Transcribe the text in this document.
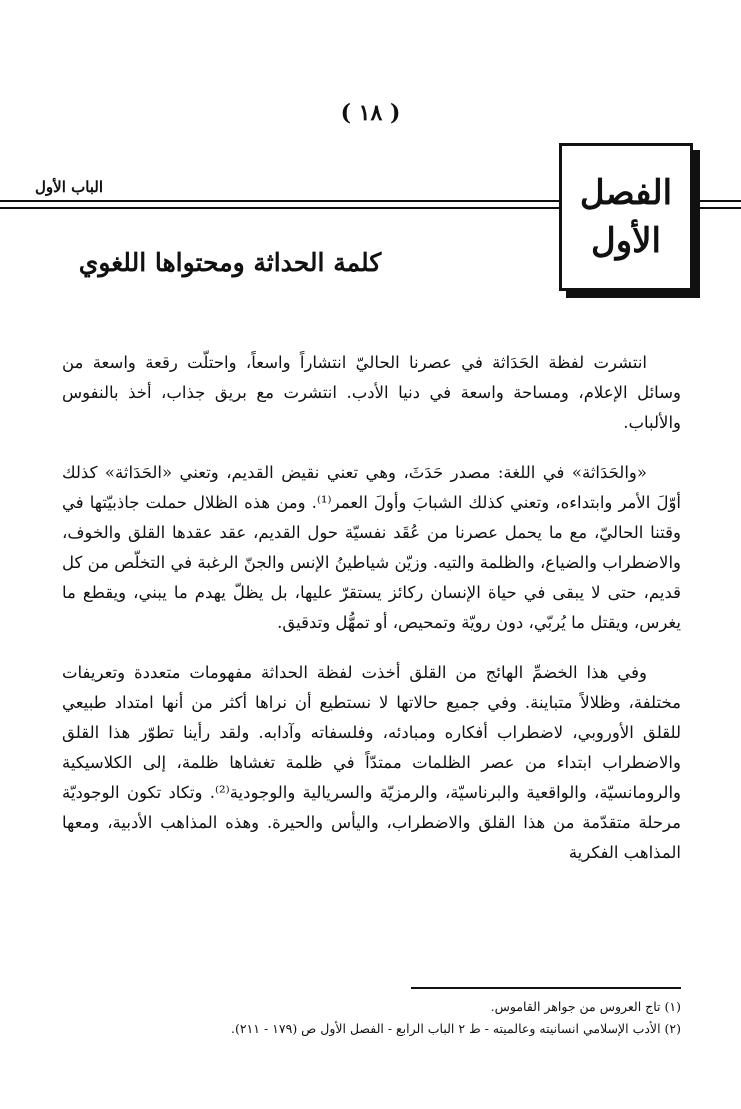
( ١٨ )
الباب الأول	الفصل
الأول
كلمة الحداثة ومحتواها اللغوي

انتشرت لفظة الحَدَاثة في عصرنا الحاليّ انتشاراً واسعاً، واحتلّت رقعة واسعة من وسائل الإعلام، ومساحة واسعة في دنيا الأدب. انتشرت مع بريق جذاب، أخذ بالنفوس والألباب.

«والحَدَاثة» في اللغة: مصدر حَدَثَ، وهي تعني نقيض القديم، وتعني «الحَدَاثة» كذلك أوّلَ الأمر وابتداءه، وتعني كذلك الشبابَ وأولَ العمر⁽¹⁾. ومن هذه الظلال حملت جاذبيّتها في وقتنا الحاليّ، مع ما يحمل عصرنا من عُقَد نفسيّة حول القديم، عقد عقدها القلق والخوف، والاضطراب والضياع، والظلمة والتيه. وزيّن شياطينُ الإنس والجنّ الرغبة في التخلّص من كل قديم، حتى لا يبقى في حياة الإنسان ركائز يستقرّ عليها، بل يظلّ يهدم ما يبني، ويقطع ما يغرس، ويقتل ما يُربّي، دون رويّة وتمحيص، أو تمهُّل وتدقيق.

وفي هذا الخضمِّ الهائج من القلق أخذت لفظة الحداثة مفهومات متعددة وتعريفات مختلفة، وظلالاً متباينة. وفي جميع حالاتها لا نستطيع أن نراها أكثر من أنها امتداد طبيعي للقلق الأوروبي، لاضطراب أفكاره ومبادئه، وفلسفاته وآدابه. ولقد رأينا تطوّر هذا القلق والاضطراب ابتداء من عصر الظلمات ممتدّاً في ظلمة تغشاها ظلمة، إلى الكلاسيكية والرومانسيّة، والواقعية والبرناسيّة، والرمزيّة والسريالية والوجودية⁽²⁾. وتكاد تكون الوجوديّة مرحلة متقدّمة من هذا القلق والاضطراب، واليأس والحيرة. وهذه المذاهب الأدبية، ومعها المذاهب الفكرية

(١) تاج العروس من جواهر القاموس.
(٢) الأدب الإسلامي انسانيته وعالميته - ط ٢ الباب الرابع - الفصل الأول ص (١٧٩ - ٢١١).
